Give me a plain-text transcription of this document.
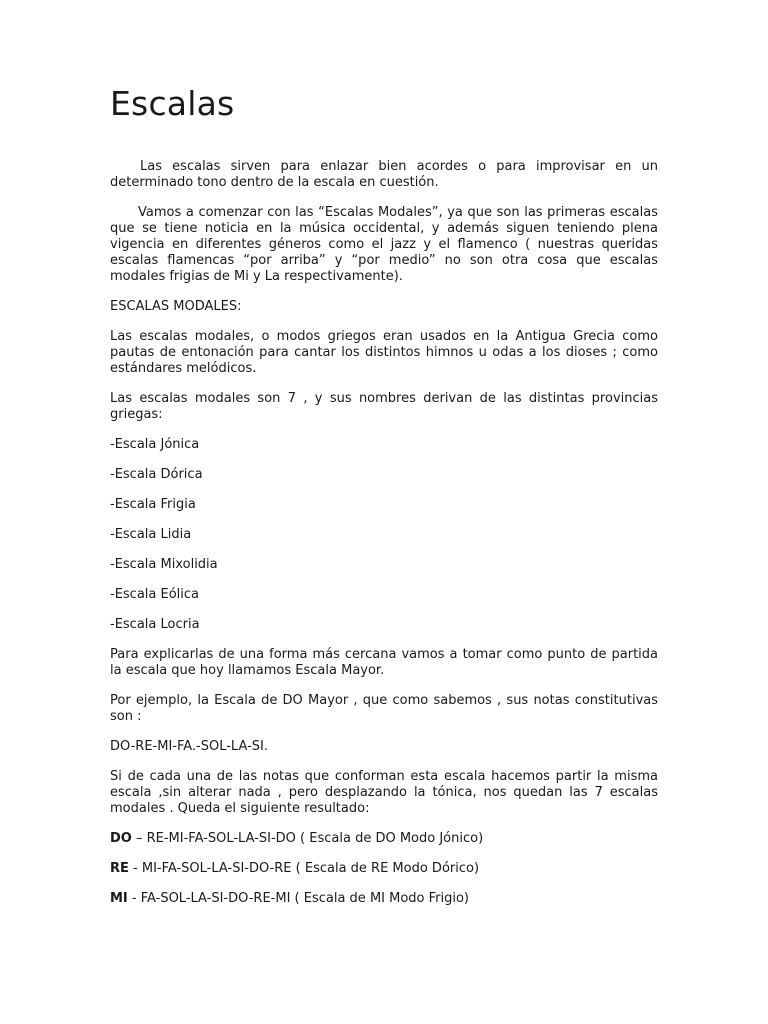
Escalas

Las escalas sirven para enlazar bien acordes o para improvisar en un determinado tono dentro de la escala en cuestión.

Vamos a comenzar con las “Escalas Modales”, ya que son las primeras escalas que se tiene noticia en la música occidental, y además siguen teniendo plena vigencia en diferentes géneros como el jazz y el flamenco ( nuestras queridas escalas flamencas “por arriba” y “por medio” no son otra cosa que escalas modales frigias de Mi y La respectivamente).

ESCALAS MODALES:

Las escalas modales, o modos griegos eran usados en la Antigua Grecia como pautas de entonación para cantar los distintos himnos u odas a los dioses ; como estándares melódicos.

Las escalas modales son 7 , y sus nombres derivan de las distintas provincias griegas:

-Escala Jónica

-Escala Dórica

-Escala Frigia

-Escala Lidia

-Escala Mixolidia

-Escala Eólica

-Escala Locria

Para explicarlas de una forma más cercana vamos a tomar como punto de partida la escala que hoy llamamos Escala Mayor.

Por ejemplo, la Escala de DO Mayor , que como sabemos , sus notas constitutivas son :

DO-RE-MI-FA.-SOL-LA-SI.

Si de cada una de las notas que conforman esta escala hacemos partir la misma escala ,sin alterar nada , pero desplazando la tónica, nos quedan las 7 escalas modales . Queda el siguiente resultado:

DO – RE-MI-FA-SOL-LA-SI-DO ( Escala de DO Modo Jónico)

RE - MI-FA-SOL-LA-SI-DO-RE ( Escala de RE Modo Dórico)

MI - FA-SOL-LA-SI-DO-RE-MI ( Escala de MI Modo Frigio)
